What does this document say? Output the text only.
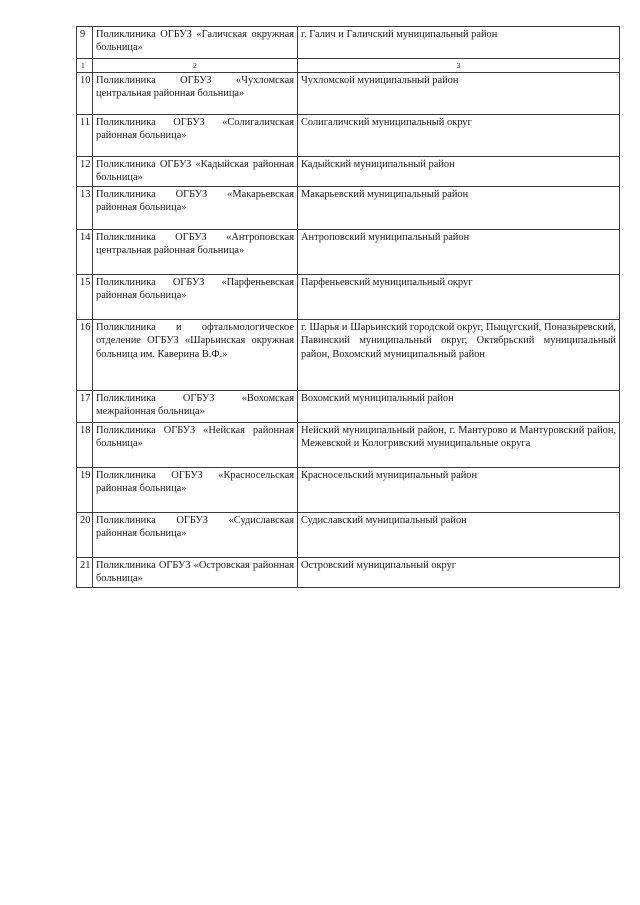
9	Поликлиника ОГБУЗ «Галичская окружная больница»	г. Галич и Галичский муниципальный район
1	2	3
10	Поликлиника ОГБУЗ «Чухломская центральная районная больница»	Чухломской муниципальный район
11	Поликлиника ОГБУЗ «Солигаличская районная больница»	Солигаличский муниципальный округ
12	Поликлиника ОГБУЗ «Кадыйская районная больница»	Кадыйский муниципальный район
13	Поликлиника ОГБУЗ «Макарьевская районная больница»	Макарьевский муниципальный район
14	Поликлиника ОГБУЗ «Антроповская центральная районная больница»	Антроповский муниципальный район
15	Поликлиника ОГБУЗ «Парфеньевская районная больница»	Парфеньевский муниципальный округ
16	Поликлиника и офтальмологическое отделение ОГБУЗ «Шарьинская окружная больница им. Каверина В.Ф.»	г. Шарья и Шарьинский городской округ, Пыщугский, Поназыревский, Павинский муниципальный округ, Октябрьский муниципальный район, Вохомский муниципальный район
17	Поликлиника ОГБУЗ «Вохомская межрайонная больница»	Вохомский муниципальный район
18	Поликлиника ОГБУЗ «Нейская районная больница»	Нейский муниципальный район, г. Мантурово и Мантуровский район, Межевской и Кологривский муниципальные округа
19	Поликлиника ОГБУЗ «Красносельская районная больница»	Красносельский муниципальный район
20	Поликлиника ОГБУЗ «Судиславская районная больница»	Судиславский муниципальный район
21	Поликлиника ОГБУЗ «Островская районная больница»	Островский муниципальный округ
